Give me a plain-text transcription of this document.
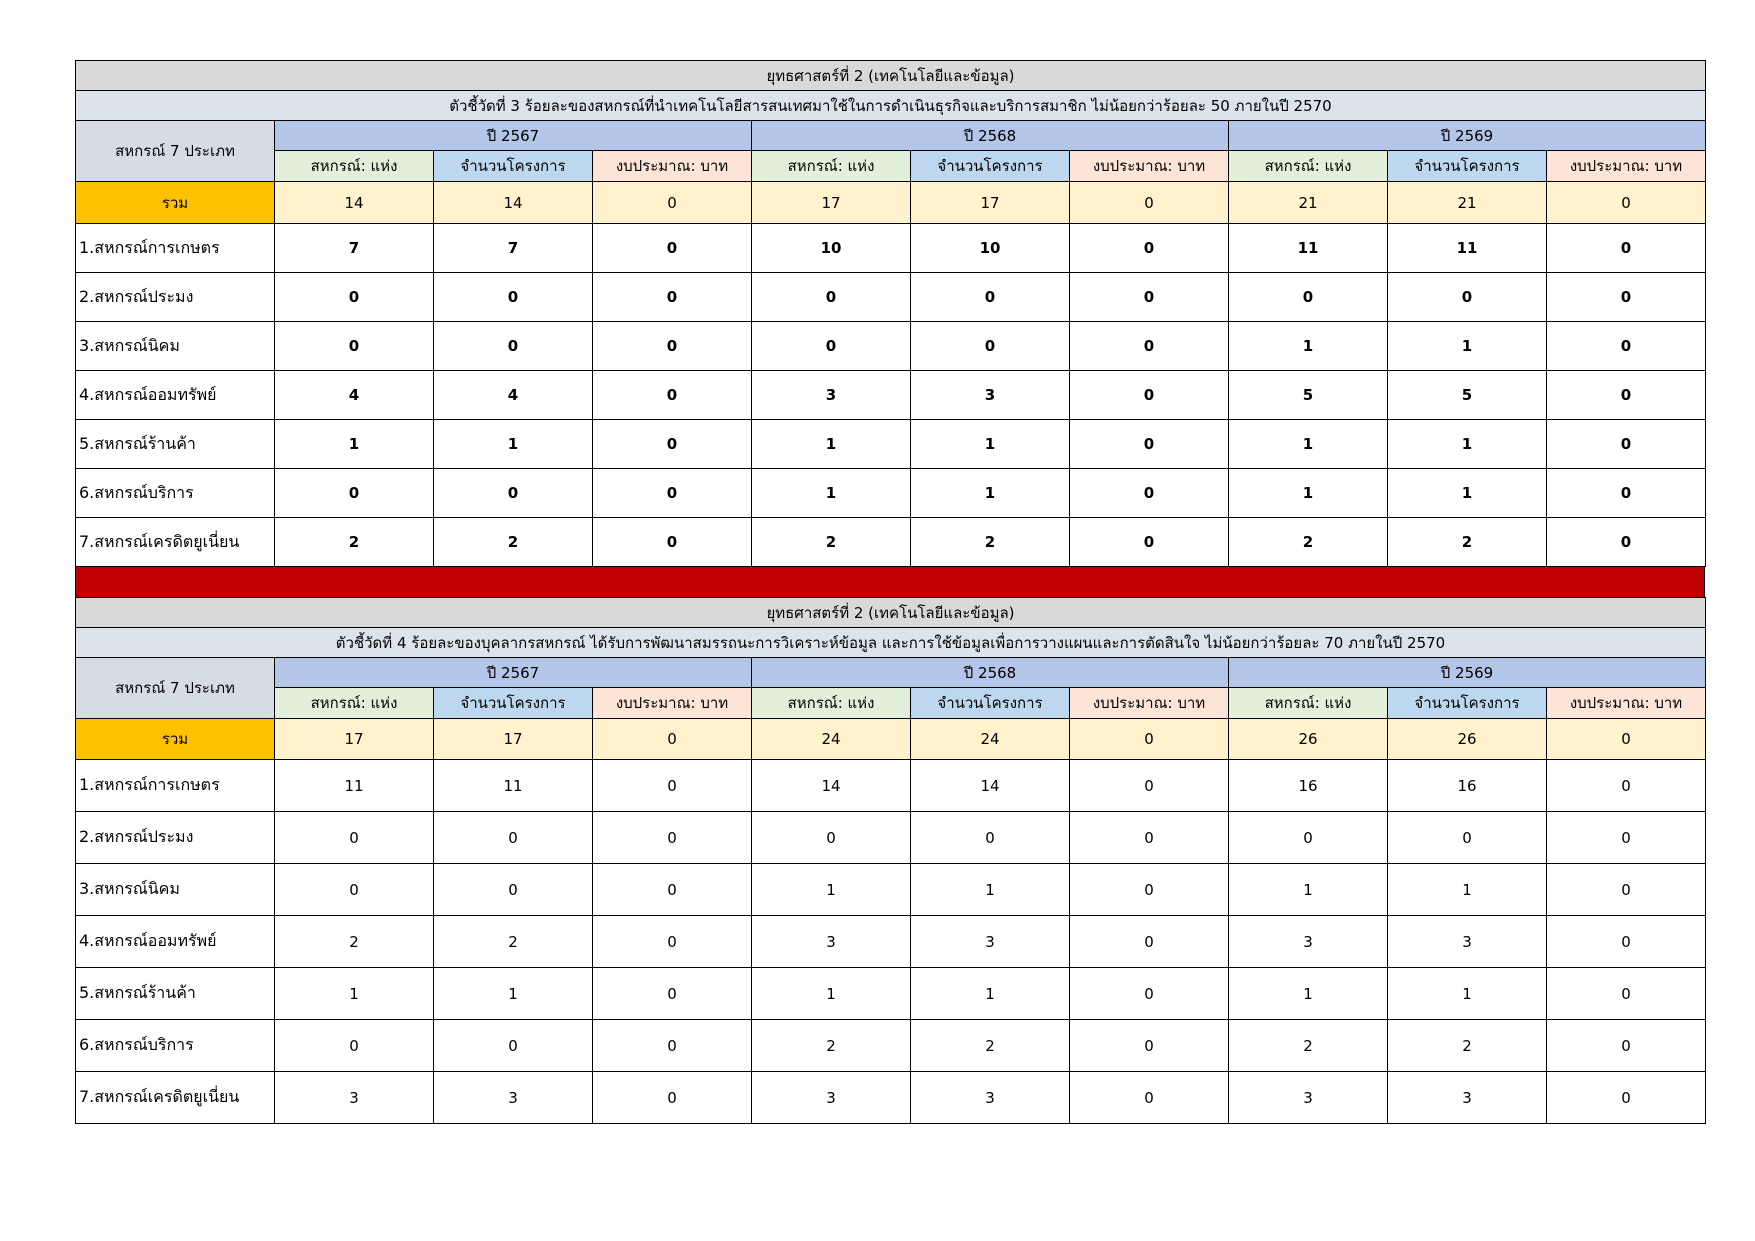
ยุทธศาสตร์ที่ 2 (เทคโนโลยีและข้อมูล)									
ตัวชี้วัดที่ 3 ร้อยละของสหกรณ์ที่นำเทคโนโลยีสารสนเทศมาใช้ในการดำเนินธุรกิจและบริการสมาชิก ไม่น้อยกว่าร้อยละ 50 ภายในปี 2570									
สหกรณ์ 7 ประเภท	ปี 2567			ปี 2568			ปี 2569		
	สหกรณ์: แห่ง	จำนวนโครงการ	งบประมาณ: บาท	สหกรณ์: แห่ง	จำนวนโครงการ	งบประมาณ: บาท	สหกรณ์: แห่ง	จำนวนโครงการ	งบประมาณ: บาท
รวม	14	14	0	17	17	0	21	21	0
1.สหกรณ์การเกษตร	7	7	0	10	10	0	11	11	0
2.สหกรณ์ประมง	0	0	0	0	0	0	0	0	0
3.สหกรณ์นิคม	0	0	0	0	0	0	1	1	0
4.สหกรณ์ออมทรัพย์	4	4	0	3	3	0	5	5	0
5.สหกรณ์ร้านค้า	1	1	0	1	1	0	1	1	0
6.สหกรณ์บริการ	0	0	0	1	1	0	1	1	0
7.สหกรณ์เครดิตยูเนี่ยน	2	2	0	2	2	0	2	2	0
ยุทธศาสตร์ที่ 2 (เทคโนโลยีและข้อมูล)									
ตัวชี้วัดที่ 4 ร้อยละของบุคลากรสหกรณ์ ได้รับการพัฒนาสมรรถนะการวิเคราะห์ข้อมูล และการใช้ข้อมูลเพื่อการวางแผนและการตัดสินใจ ไม่น้อยกว่าร้อยละ 70 ภายในปี 2570									
สหกรณ์ 7 ประเภท	ปี 2567			ปี 2568			ปี 2569		
	สหกรณ์: แห่ง	จำนวนโครงการ	งบประมาณ: บาท	สหกรณ์: แห่ง	จำนวนโครงการ	งบประมาณ: บาท	สหกรณ์: แห่ง	จำนวนโครงการ	งบประมาณ: บาท
รวม	17	17	0	24	24	0	26	26	0
1.สหกรณ์การเกษตร	11	11	0	14	14	0	16	16	0
2.สหกรณ์ประมง	0	0	0	0	0	0	0	0	0
3.สหกรณ์นิคม	0	0	0	1	1	0	1	1	0
4.สหกรณ์ออมทรัพย์	2	2	0	3	3	0	3	3	0
5.สหกรณ์ร้านค้า	1	1	0	1	1	0	1	1	0
6.สหกรณ์บริการ	0	0	0	2	2	0	2	2	0
7.สหกรณ์เครดิตยูเนี่ยน	3	3	0	3	3	0	3	3	0
